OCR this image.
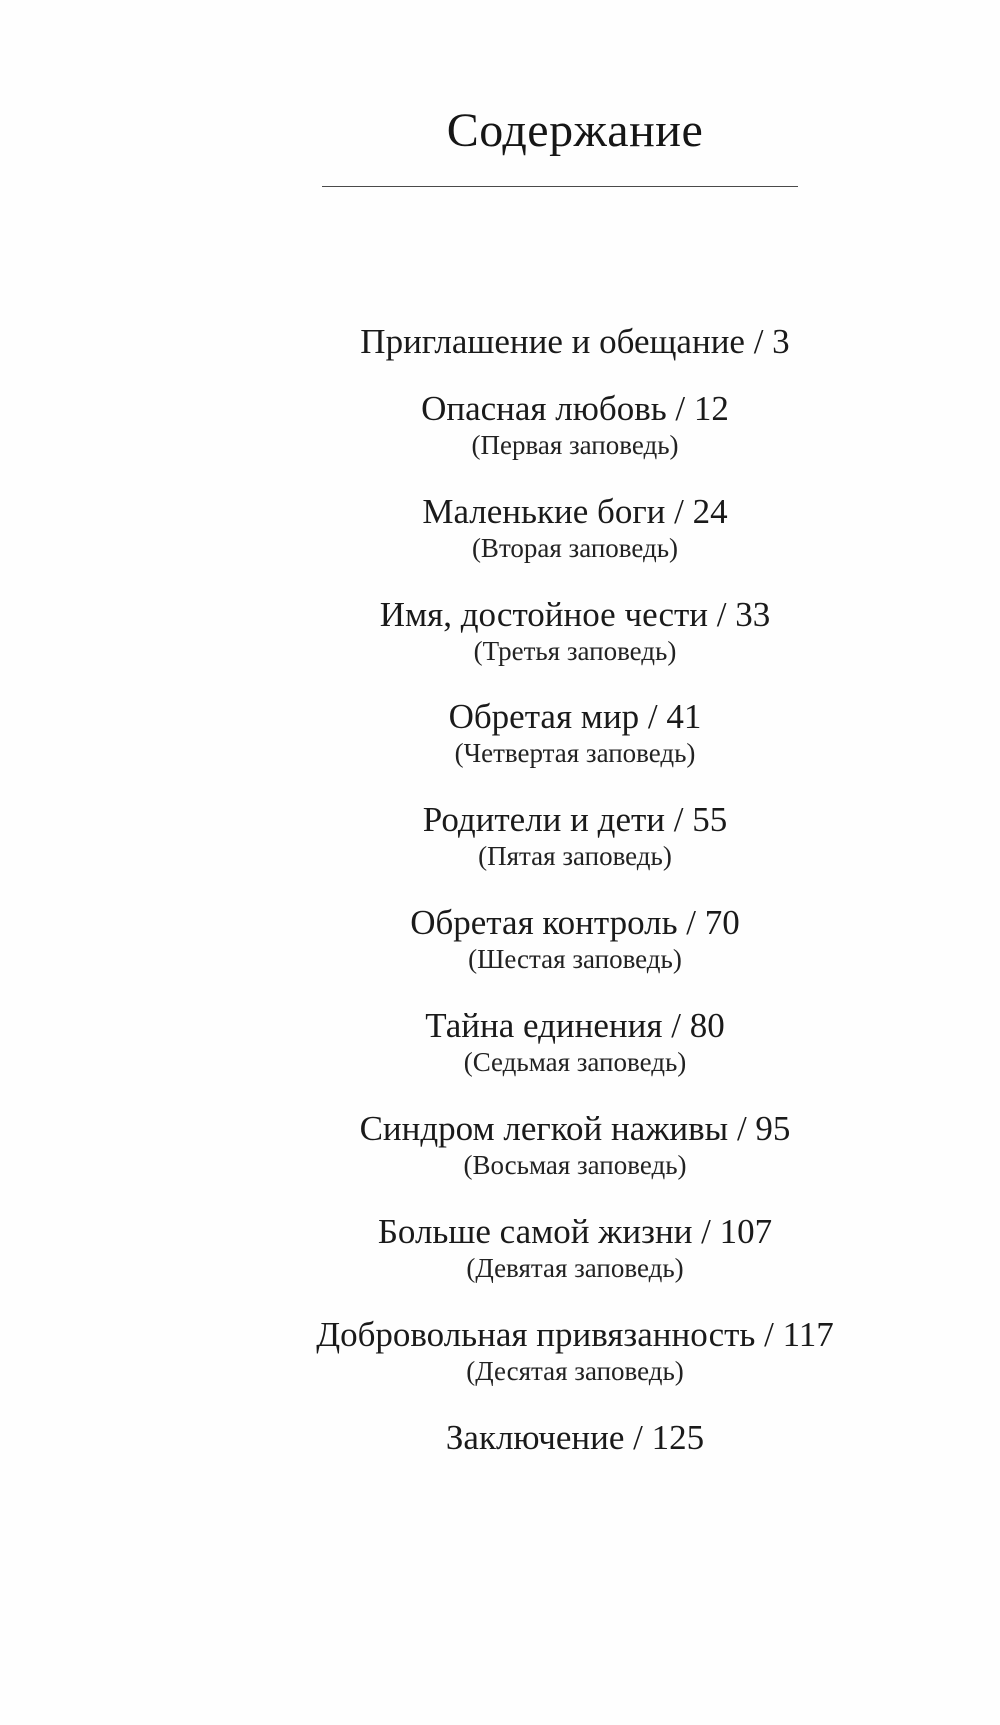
Содержание
Приглашение и обещание / 3
Опасная любовь / 12
(Первая заповедь)
Маленькие боги / 24
(Вторая заповедь)
Имя, достойное чести / 33
(Третья заповедь)
Обретая мир / 41
(Четвертая заповедь)
Родители и дети / 55
(Пятая заповедь)
Обретая контроль / 70
(Шестая заповедь)
Тайна единения / 80
(Седьмая заповедь)
Синдром легкой наживы / 95
(Восьмая заповедь)
Больше самой жизни / 107
(Девятая заповедь)
Добровольная привязанность / 117
(Десятая заповедь)
Заключение / 125
